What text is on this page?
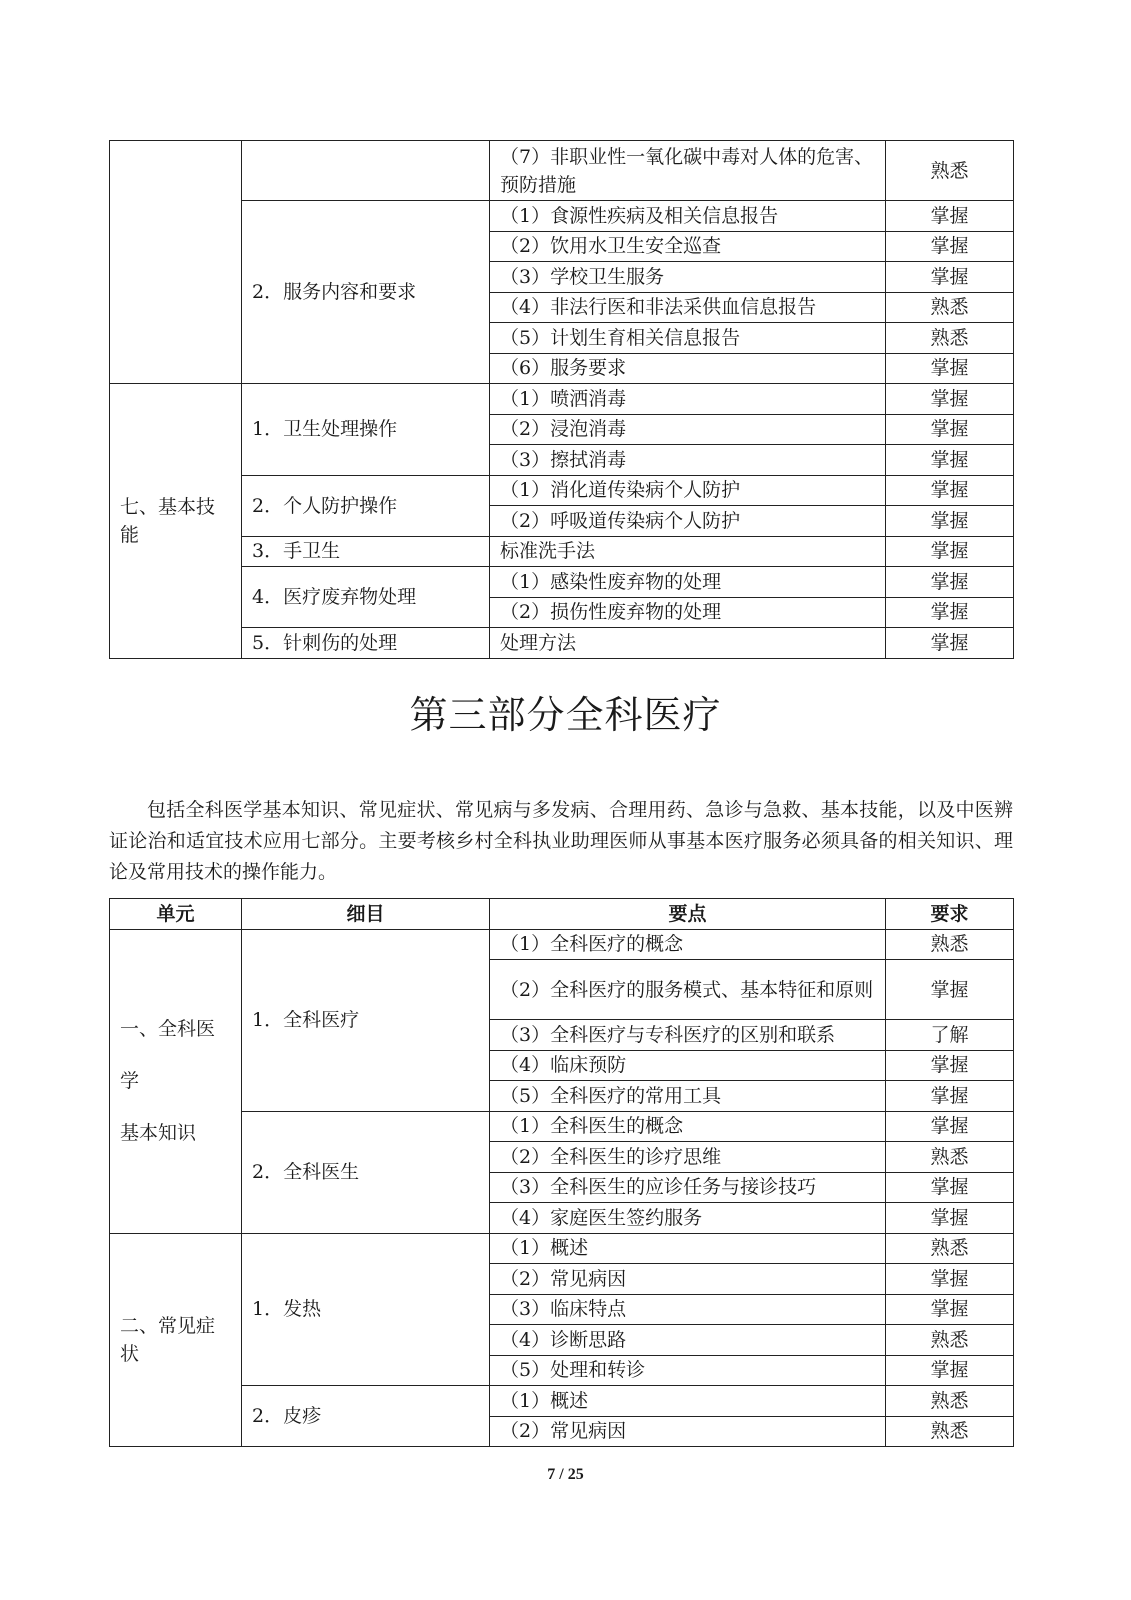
		（7）非职业性一氧化碳中毒对人体的危害、预防措施	熟悉
	2．服务内容和要求	（1）食源性疾病及相关信息报告	掌握
		（2）饮用水卫生安全巡查	掌握
		（3）学校卫生服务	掌握
		（4）非法行医和非法采供血信息报告	熟悉
		（5）计划生育相关信息报告	熟悉
		（6）服务要求	掌握
七、基本技能	1．卫生处理操作	（1）喷洒消毒	掌握
		（2）浸泡消毒	掌握
		（3）擦拭消毒	掌握
	2．个人防护操作	（1）消化道传染病个人防护	掌握
		（2）呼吸道传染病个人防护	掌握
	3．手卫生	标准洗手法	掌握
	4．医疗废弃物处理	（1）感染性废弃物的处理	掌握
		（2）损伤性废弃物的处理	掌握
	5．针刺伤的处理	处理方法	掌握
第三部分全科医疗
包括全科医学基本知识、常见症状、常见病与多发病、合理用药、急诊与急救、基本技能，以及中医辨证论治和适宜技术应用七部分。主要考核乡村全科执业助理医师从事基本医疗服务必须具备的相关知识、理论及常用技术的操作能力。
单元	细目	要点	要求

一、全科医学
基本知识	1．全科医疗	（1）全科医疗的概念	熟悉
		（2）全科医疗的服务模式、基本特征和原则	掌握
		（3）全科医疗与专科医疗的区别和联系	了解
		（4）临床预防	掌握
		（5）全科医疗的常用工具	掌握
	2．全科医生	（1）全科医生的概念	掌握
		（2）全科医生的诊疗思维	熟悉
		（3）全科医生的应诊任务与接诊技巧	掌握
		（4）家庭医生签约服务	掌握
二、常见症状	1．发热	（1）概述	熟悉
		（2）常见病因	掌握
		（3）临床特点	掌握
		（4）诊断思路	熟悉
		（5）处理和转诊	掌握
	2．皮疹	（1）概述	熟悉
		（2）常见病因	熟悉
7 / 25
